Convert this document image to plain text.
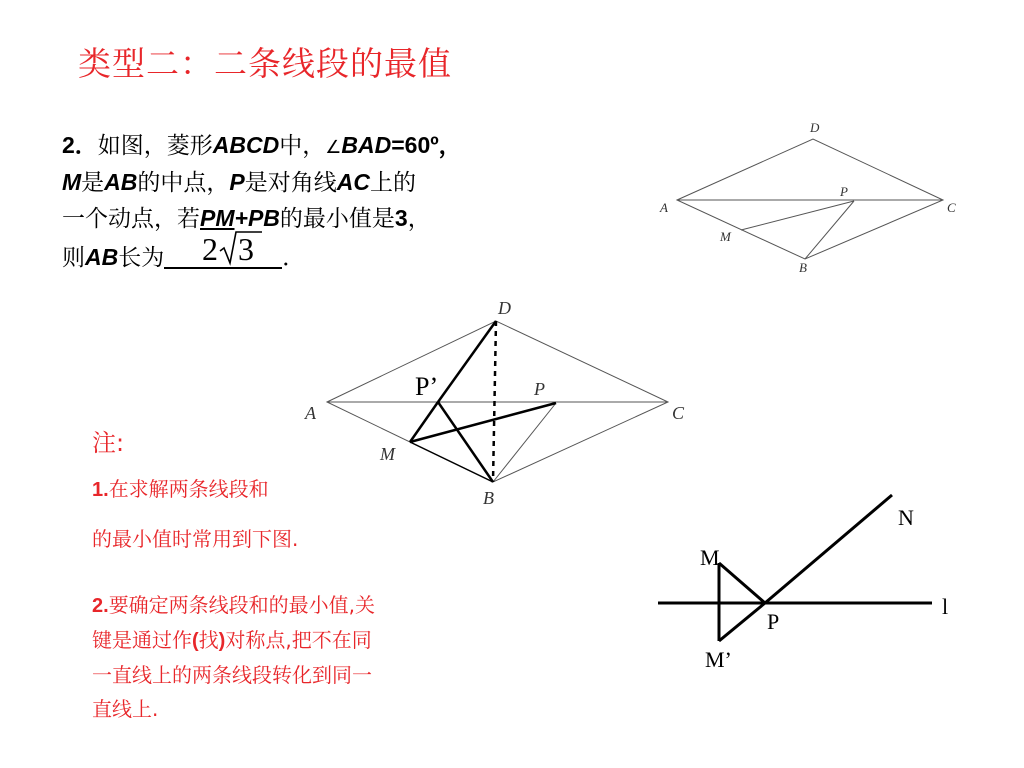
类型二：二条线段的最值
2．如图，菱形ABCD中，∠BAD=60º，
M是AB的中点，P是对角线AC上的
一个动点，若PM+PB的最小值是3，
则AB长为 2 3 ．
D
A	C
P
M
B
D
A	C
P
M
B
P’
N
M
P
M’
l
注:
1.在求解两条线段和
的最小值时常用到下图.
2.要确定两条线段和的最小值,关
键是通过作(找)对称点,把不在同
一直线上的两条线段转化到同一
直线上.
